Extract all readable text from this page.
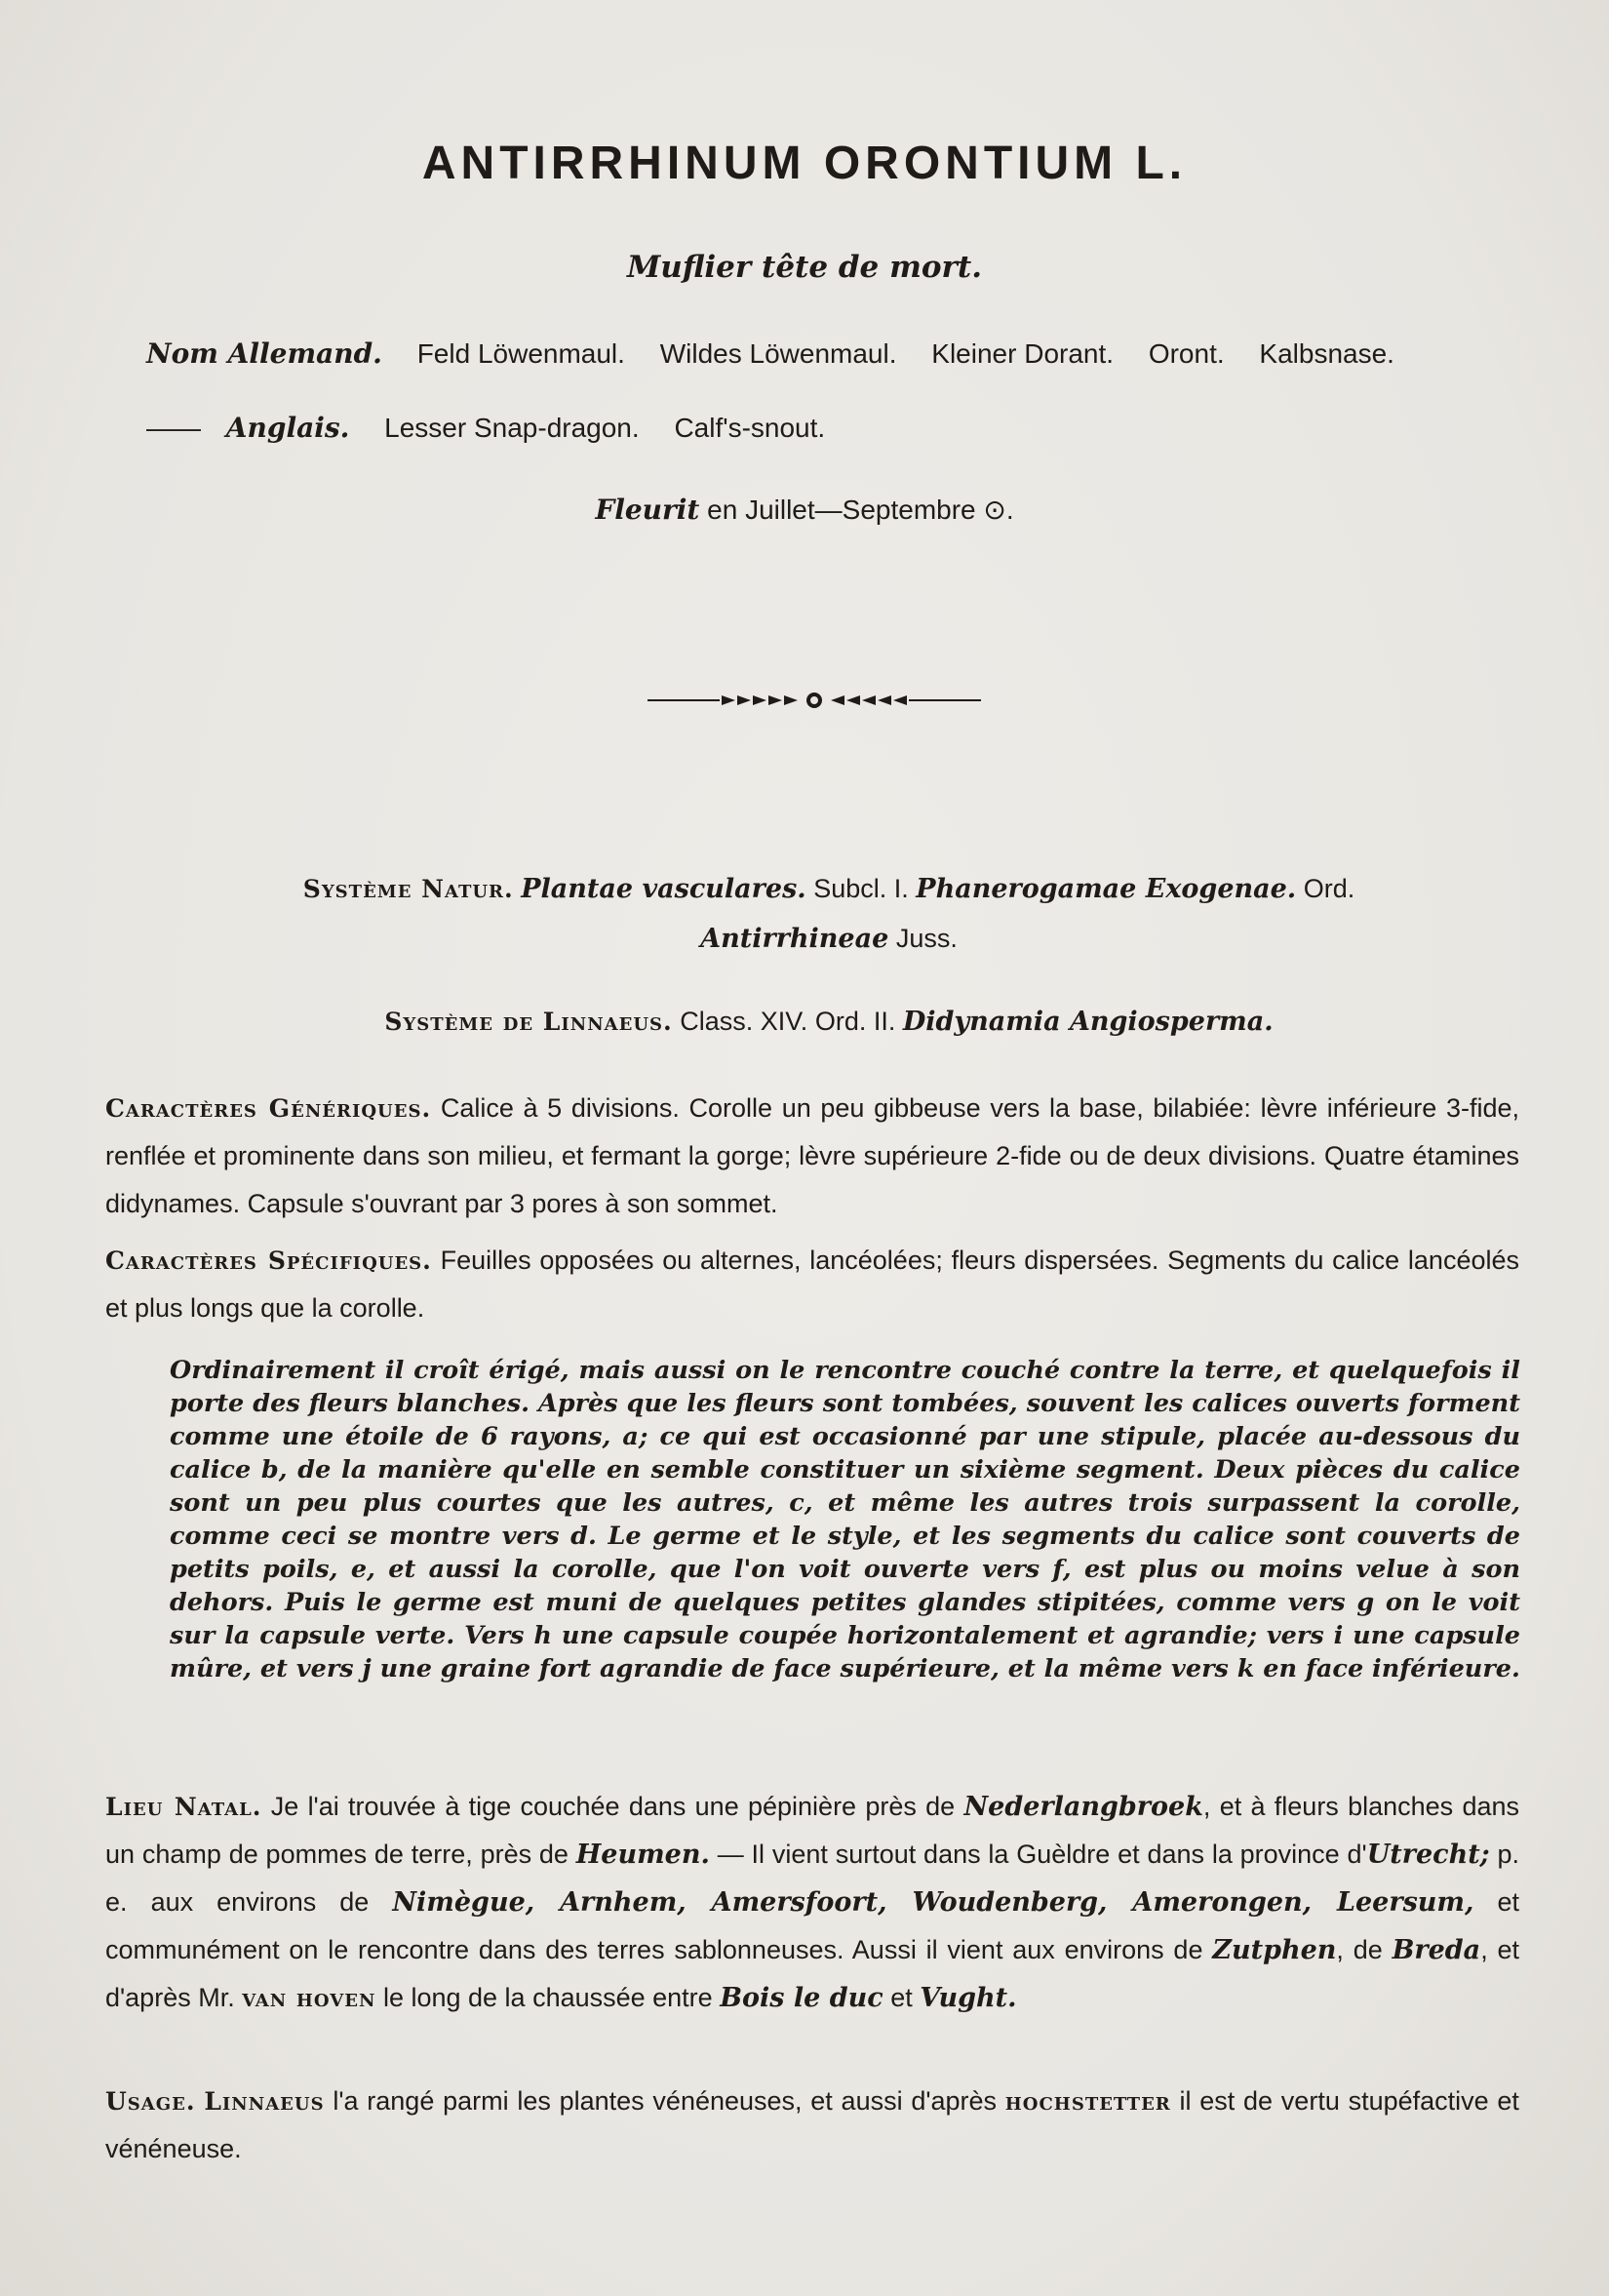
ANTIRRHINUM ORONTIUM L.
Muflier tête de mort.
Nom Allemand. Feld Löwenmaul. Wildes Löwenmaul. Kleiner Dorant. Oront. Kalbsnase.
—— Anglais. Lesser Snap-dragon. Calf's-snout.
Fleurit en Juillet—Septembre ⊙.
Système Natur. Plantae vasculares. Subcl. I. Phanerogamae Exogenae. Ord.
Antirrhineae Juss.
Système de Linnaeus. Class. XIV. Ord. II. Didynamia Angiosperma.
Caractères Génériques. Calice à 5 divisions. Corolle un peu gibbeuse vers la base, bilabiée: lèvre inférieure 3-fide, renflée et prominente dans son milieu, et fermant la gorge; lèvre supérieure 2-fide ou de deux divisions. Quatre étamines didynames. Capsule s'ouvrant par 3 pores à son sommet.
Caractères Spécifiques. Feuilles opposées ou alternes, lancéolées; fleurs dispersées. Segments du calice lancéolés et plus longs que la corolle.
Ordinairement il croît érigé, mais aussi on le rencontre couché contre la terre, et quelquefois il porte des fleurs blanches. Après que les fleurs sont tombées, souvent les calices ouverts forment comme une étoile de 6 rayons, a; ce qui est occasionné par une stipule, placée au-dessous du calice b, de la manière qu'elle en semble constituer un sixième segment. Deux pièces du calice sont un peu plus courtes que les autres, c, et même les autres trois surpassent la corolle, comme ceci se montre vers d. Le germe et le style, et les segments du calice sont couverts de petits poils, e, et aussi la corolle, que l'on voit ouverte vers f, est plus ou moins velue à son dehors. Puis le germe est muni de quelques petites glandes stipitées, comme vers g on le voit sur la capsule verte. Vers h une capsule coupée horizontalement et agrandie; vers i une capsule mûre, et vers j une graine fort agrandie de face supérieure, et la même vers k en face inférieure.
Lieu Natal. Je l'ai trouvée à tige couchée dans une pépinière près de Nederlangbroek, et à fleurs blanches dans un champ de pommes de terre, près de Heumen. — Il vient surtout dans la Guèldre et dans la province d'Utrecht; p. e. aux environs de Nimègue, Arnhem, Amersfoort, Woudenberg, Amerongen, Leersum, et communément on le rencontre dans des terres sablonneuses. Aussi il vient aux environs de Zutphen, de Breda, et d'après Mr. van hoven le long de la chaussée entre Bois le duc et Vught.
Usage. Linnaeus l'a rangé parmi les plantes vénéneuses, et aussi d'après hochstetter il est de vertu stupéfactive et vénéneuse.
